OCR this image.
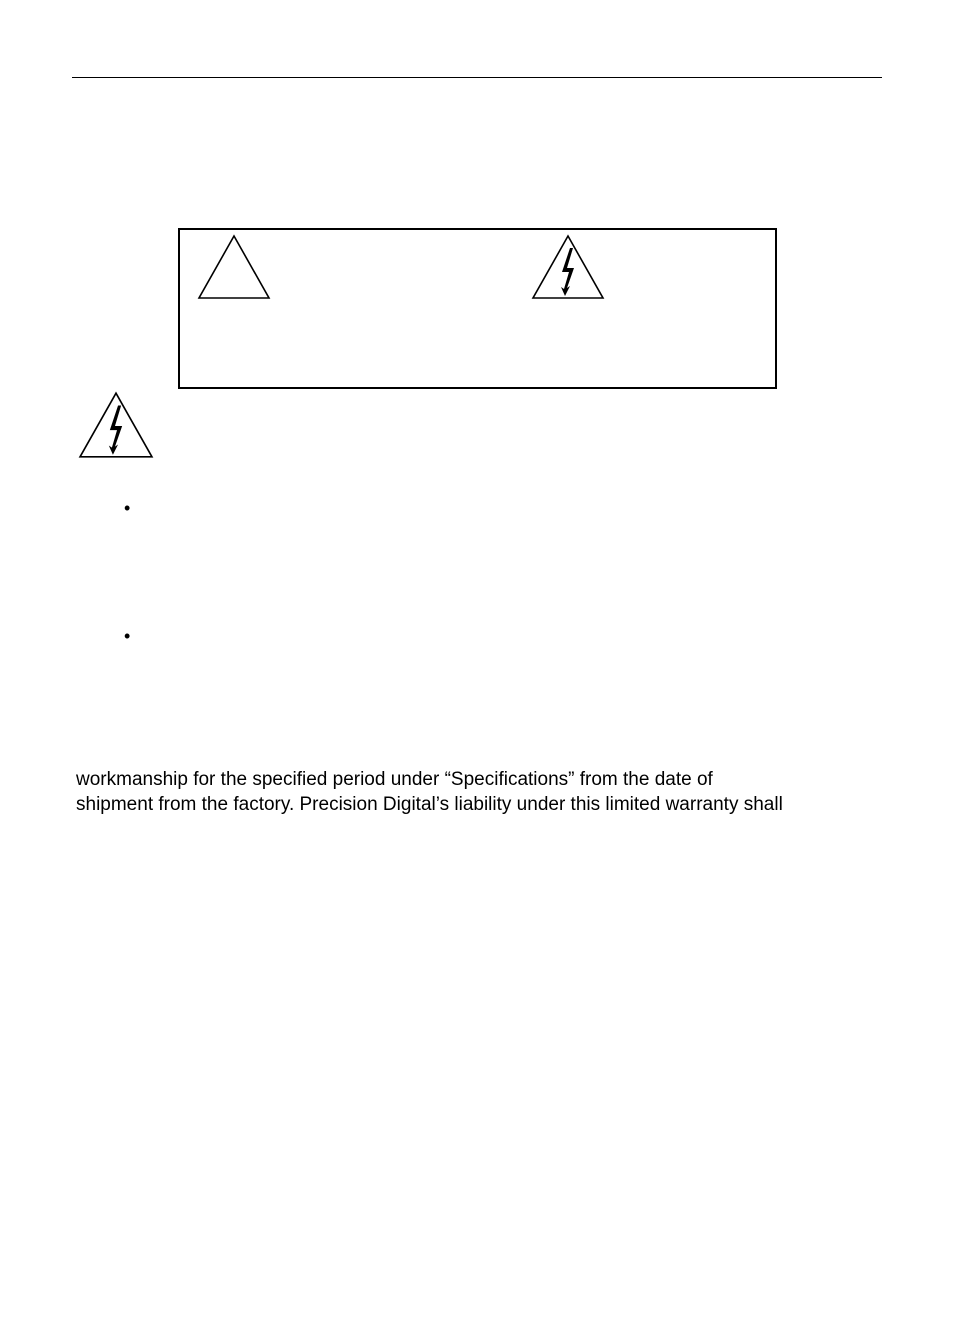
•
•

workmanship for the specified period under “Specifications” from the date of
shipment from the factory. Precision Digital’s liability under this limited warranty shall
